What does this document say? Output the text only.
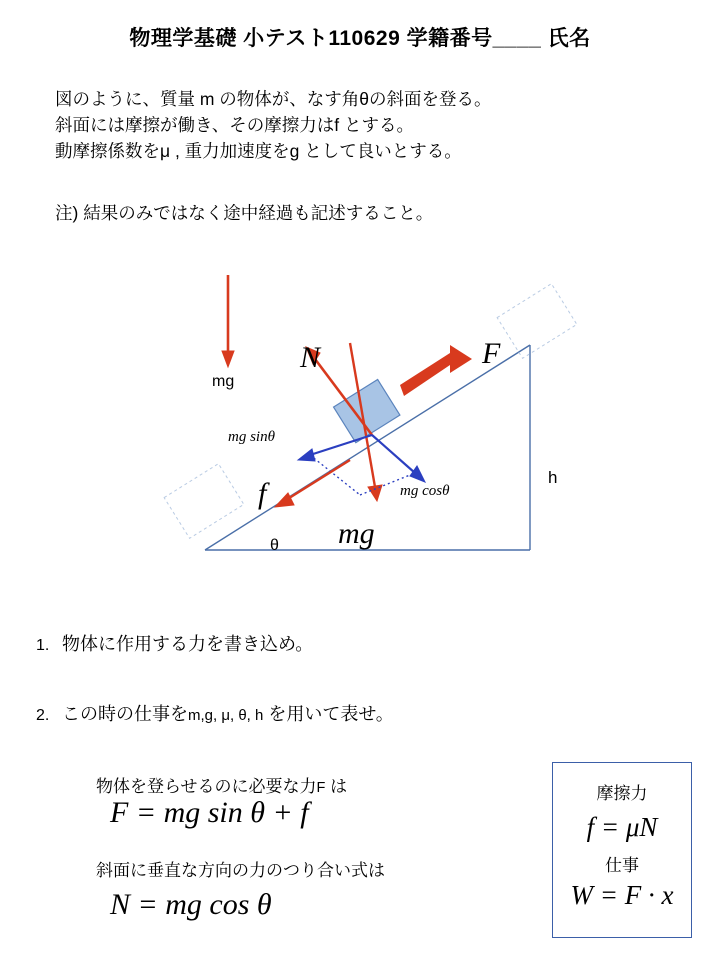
物理学基礎 小テスト110629 学籍番号____ 氏名
図のように、質量 m の物体が、なす角θの斜面を登る。
斜面には摩擦が働き、その摩擦力はf とする。
動摩擦係数をμ , 重力加速度をg として良いとする。
注) 結果のみではなく途中経過も記述すること。
N	F
mg
mg sinθ
mg cosθ
f
mg
h
θ
1. 物体に作用する力を書き込め。
2. この時の仕事をm,g, μ, θ, h を用いて表せ。
物体を登らせるのに必要な力F は
F = mg sin θ + f
斜面に垂直な方向の力のつり合い式は
N = mg cos θ
摩擦力
f = μN
仕事
W = F · x
